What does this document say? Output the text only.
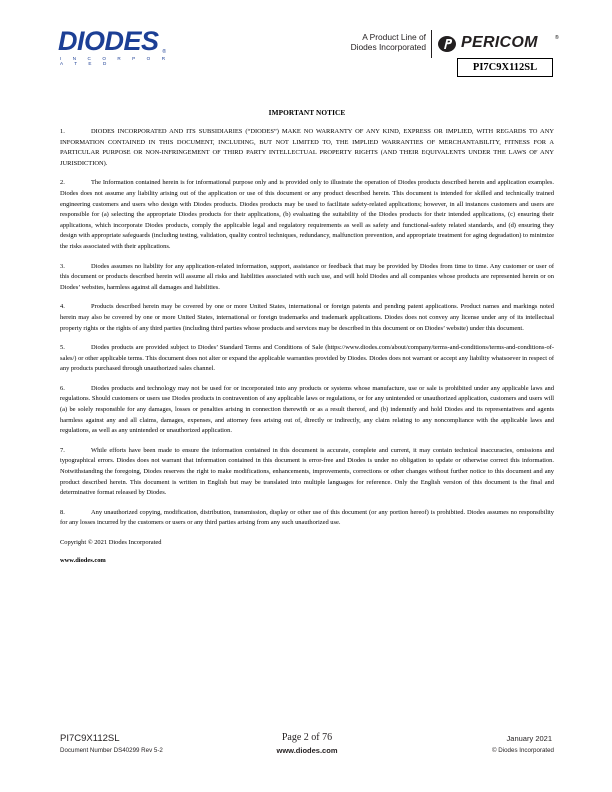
DIODES
I N C O R P O R A T E D
®
A Product Line of
Diodes Incorporated PERICOM	®
PI7C9X112SL
IMPORTANT NOTICE

1.	DIODES INCORPORATED AND ITS SUBSIDIARIES (“DIODES”) MAKE NO WARRANTY OF ANY KIND, EXPRESS OR IMPLIED, WITH REGARDS TO ANY INFORMATION CONTAINED IN THIS DOCUMENT, INCLUDING, BUT NOT LIMITED TO, THE IMPLIED WARRANTIES OF MERCHANTABILITY, FITNESS FOR A PARTICULAR PURPOSE OR NON-INFRINGEMENT OF THIRD PARTY INTELLECTUAL PROPERTY RIGHTS (AND THEIR EQUIVALENTS UNDER THE LAWS OF ANY JURISDICTION).

2.	The Information contained herein is for informational purpose only and is provided only to illustrate the operation of Diodes products described herein and application examples. Diodes does not assume any liability arising out of the application or use of this document or any product described herein. This document is intended for skilled and technically trained engineering customers and users who design with Diodes products. Diodes products may be used to facilitate safety-related applications; however, in all instances customers and users are responsible for (a) selecting the appropriate Diodes products for their applications, (b) evaluating the suitability of the Diodes products for their intended applications, (c) ensuring their applications, which incorporate Diodes products, comply the applicable legal and regulatory requirements as well as safety and functional-safety related standards, and (d) ensuring they design with appropriate safeguards (including testing, validation, quality control techniques, redundancy, malfunction prevention, and appropriate treatment for aging degradation) to minimize the risks associated with their applications.

3.	Diodes assumes no liability for any application-related information, support, assistance or feedback that may be provided by Diodes from time to time. Any customer or user of this document or products described herein will assume all risks and liabilities associated with such use, and will hold Diodes and all companies whose products are represented herein or on Diodes’ websites, harmless against all damages and liabilities.

4.	Products described herein may be covered by one or more United States, international or foreign patents and pending patent applications. Product names and markings noted herein may also be covered by one or more United States, international or foreign trademarks and trademark applications. Diodes does not convey any license under any of its intellectual property rights or the rights of any third parties (including third parties whose products and services may be described in this document or on Diodes’ website) under this document.

5.	Diodes products are provided subject to Diodes’ Standard Terms and Conditions of Sale (https://www.diodes.com/about/company/terms-and-conditions/terms-and-conditions-of-sales/) or other applicable terms. This document does not alter or expand the applicable warranties provided by Diodes. Diodes does not warrant or accept any liability whatsoever in respect of any products purchased through unauthorized sales channel.

6.	Diodes products and technology may not be used for or incorporated into any products or systems whose manufacture, use or sale is prohibited under any applicable laws and regulations. Should customers or users use Diodes products in contravention of any applicable laws or regulations, or for any unintended or unauthorized application, customers and users will (a) be solely responsible for any damages, losses or penalties arising in connection therewith or as a result thereof, and (b) indemnify and hold Diodes and its representatives and agents harmless against any and all claims, damages, expenses, and attorney fees arising out of, directly or indirectly, any claim relating to any noncompliance with the applicable laws and regulations, as well as any unintended or unauthorized application.

7.	While efforts have been made to ensure the information contained in this document is accurate, complete and current, it may contain technical inaccuracies, omissions and typographical errors. Diodes does not warrant that information contained in this document is error-free and Diodes is under no obligation to update or otherwise correct this information. Notwithstanding the foregoing, Diodes reserves the right to make modifications, enhancements, improvements, corrections or other changes without further notice to this document and any product described herein. This document is written in English but may be translated into multiple languages for reference. Only the English version of this document is the final and determinative format released by Diodes.

8.	Any unauthorized copying, modification, distribution, transmission, display or other use of this document (or any portion hereof) is prohibited. Diodes assumes no responsibility for any losses incurred by the customers or users or any third parties arising from any such unauthorized use.

Copyright © 2021 Diodes Incorporated

www.diodes.com

PI7C9X112SL
Document Number DS40299 Rev 5-2
Page 2 of 76
www.diodes.com
January 2021
© Diodes Incorporated
